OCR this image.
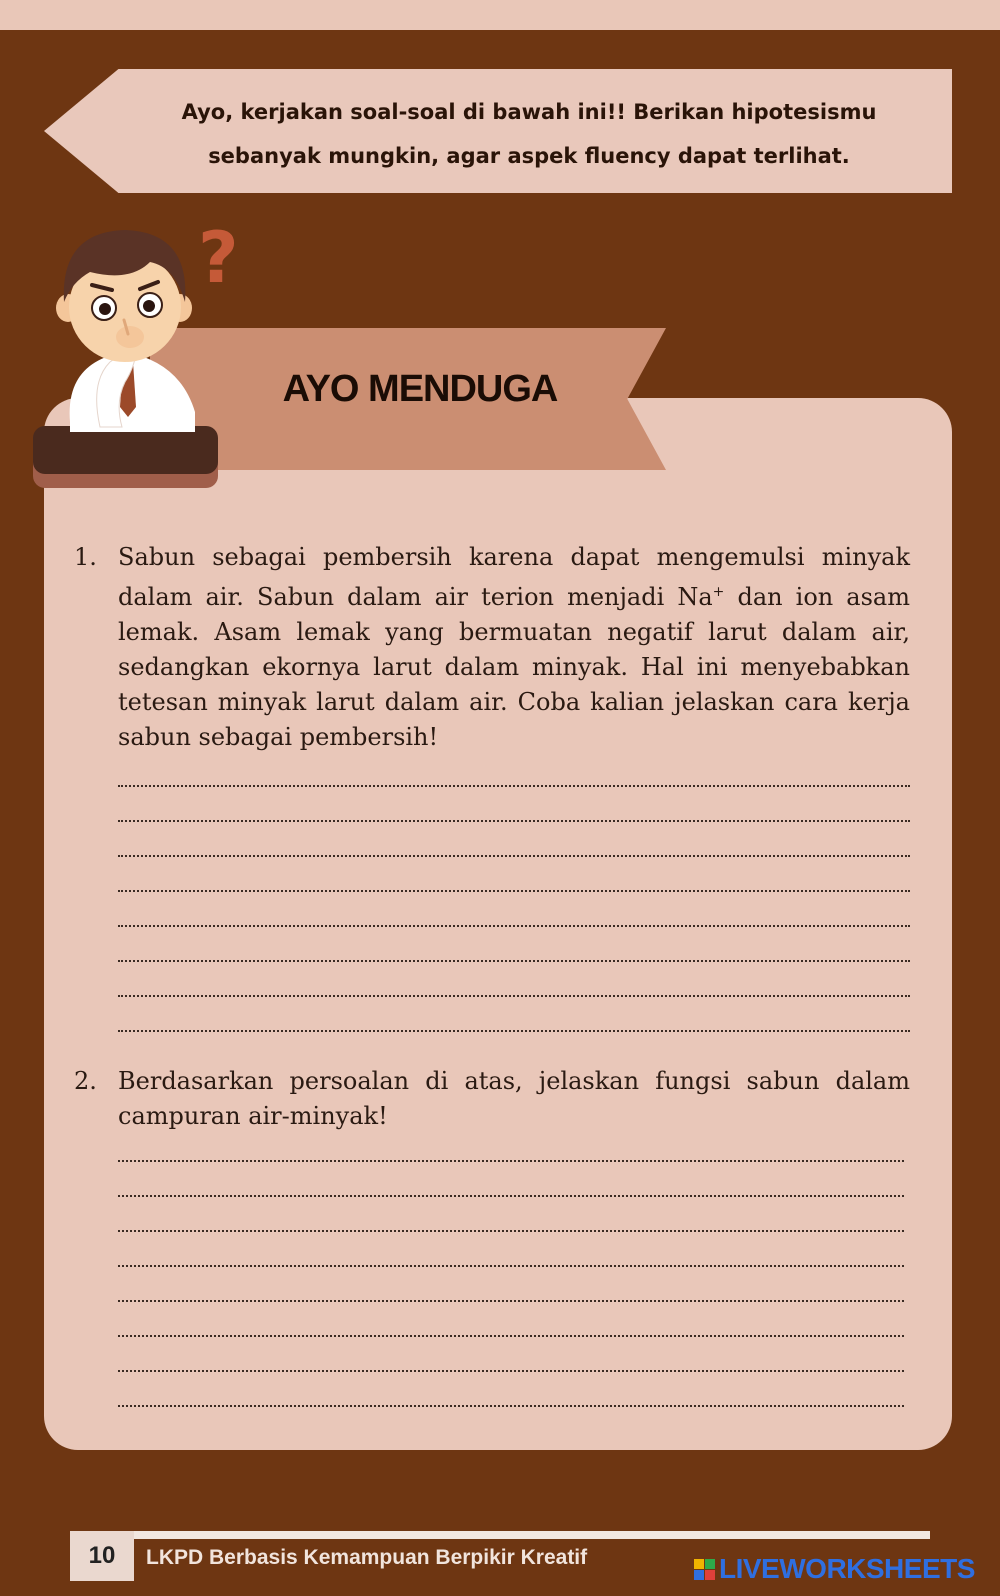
Ayo, kerjakan soal-soal di bawah ini!! Berikan hipotesismu
sebanyak mungkin, agar aspek fluency dapat terlihat.
AYO MENDUGA
?
1. Sabun sebagai pembersih karena dapat mengemulsi minyak dalam air. Sabun dalam air terion menjadi Na+ dan ion asam lemak. Asam lemak yang bermuatan negatif larut dalam air, sedangkan ekornya larut dalam minyak. Hal ini menyebabkan tetesan minyak larut dalam air. Coba kalian jelaskan cara kerja sabun sebagai pembersih!
2. Berdasarkan persoalan di atas, jelaskan fungsi sabun dalam campuran air-minyak!
10	LKPD Berbasis Kemampuan Berpikir Kreatif	LIVEWORKSHEETS
